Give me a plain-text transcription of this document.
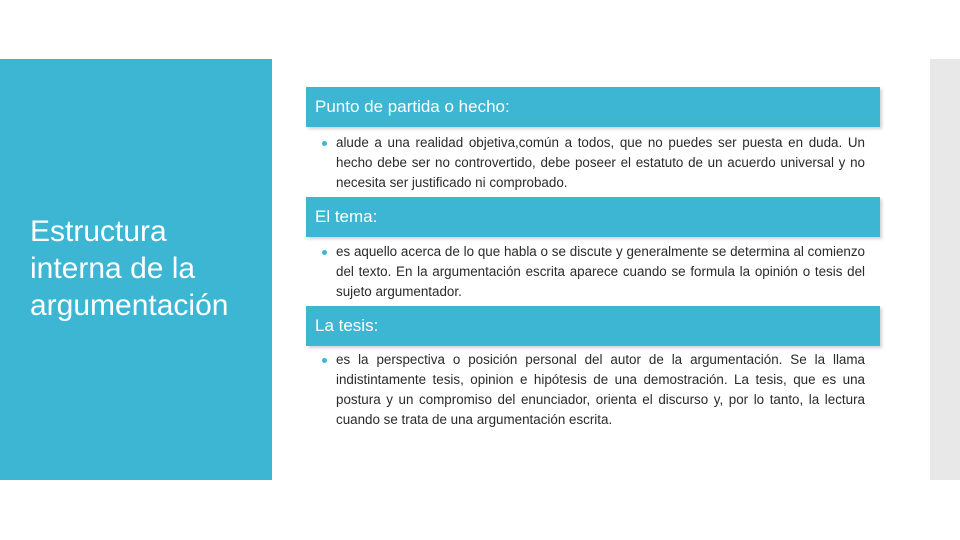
Estructura
interna de la
argumentación
Punto de partida o hecho:
alude a una realidad objetiva,común a todos, que no puedes ser puesta en duda. Un hecho debe ser no controvertido, debe poseer el estatuto de un acuerdo universal y no necesita ser justificado ni comprobado.
El tema:
es aquello acerca de lo que habla o se discute y generalmente se determina al comienzo del texto. En la argumentación escrita aparece cuando se formula la opinión o tesis del sujeto argumentador.
La tesis:
es la perspectiva o posición personal del autor de la argumentación. Se la llama indistintamente tesis, opinion e hipótesis de una demostración. La tesis, que es una postura y un compromiso del enunciador, orienta el discurso y, por lo tanto, la lectura cuando se trata de una argumentación escrita.
